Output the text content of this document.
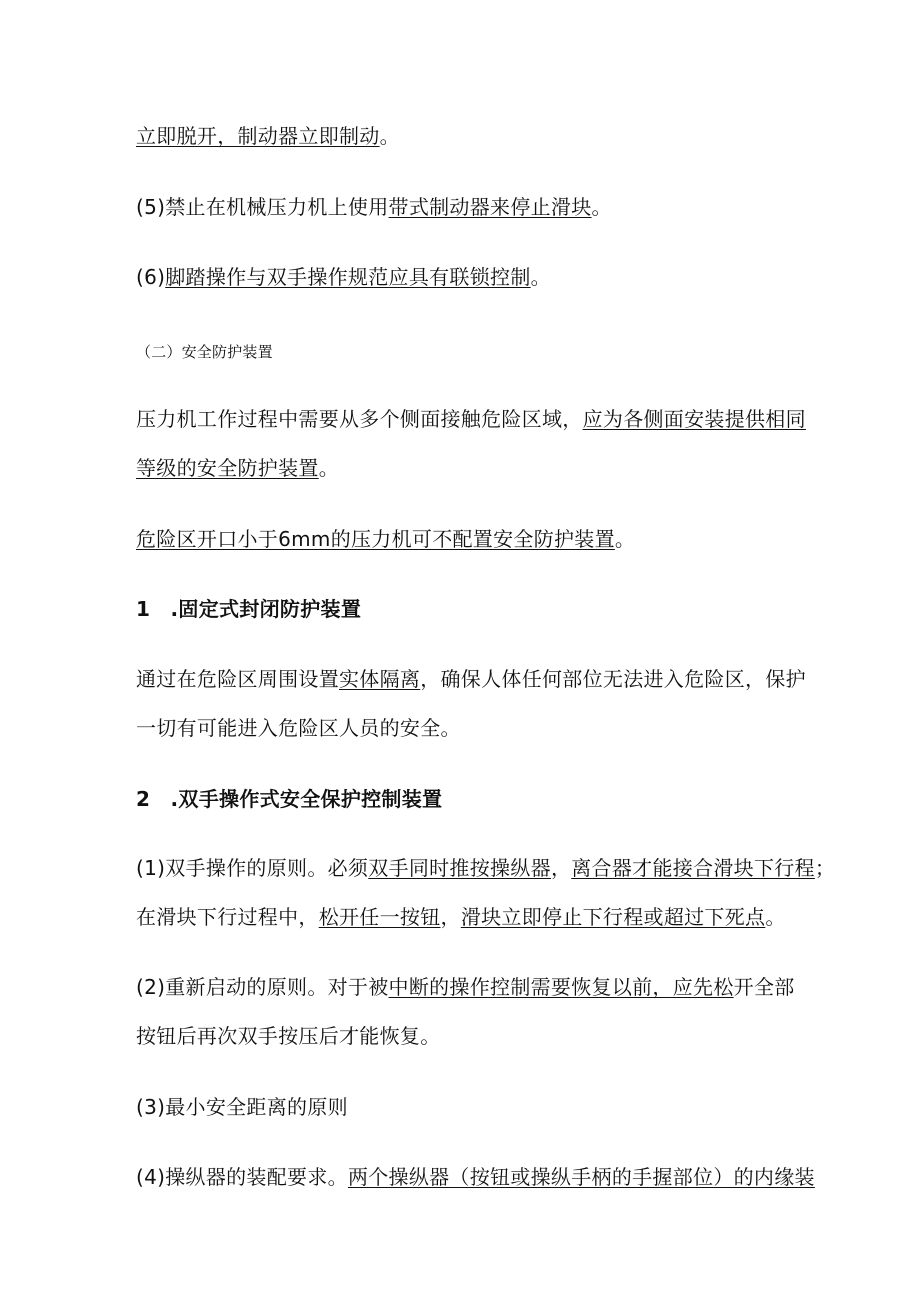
立即脱开，制动器立即制动。
(5)禁止在机械压力机上使用带式制动器来停止滑块。
(6)脚踏操作与双手操作规范应具有联锁控制。
（二）安全防护装置
压力机工作过程中需要从多个侧面接触危险区域，应为各侧面安装提供相同
等级的安全防护装置。
危险区开口小于6mm的压力机可不配置安全防护装置。
1　.固定式封闭防护装置
通过在危险区周围设置实体隔离，确保人体任何部位无法进入危险区，保护
一切有可能进入危险区人员的安全。
2　.双手操作式安全保护控制装置
(1)双手操作的原则。必须双手同时推按操纵器，离合器才能接合滑块下行程；
在滑块下行过程中，松开任一按钮，滑块立即停止下行程或超过下死点。
(2)重新启动的原则。对于被中断的操作控制需要恢复以前，应先松开全部
按钮后再次双手按压后才能恢复。
(3)最小安全距离的原则
(4)操纵器的装配要求。两个操纵器（按钮或操纵手柄的手握部位）的内缘装
